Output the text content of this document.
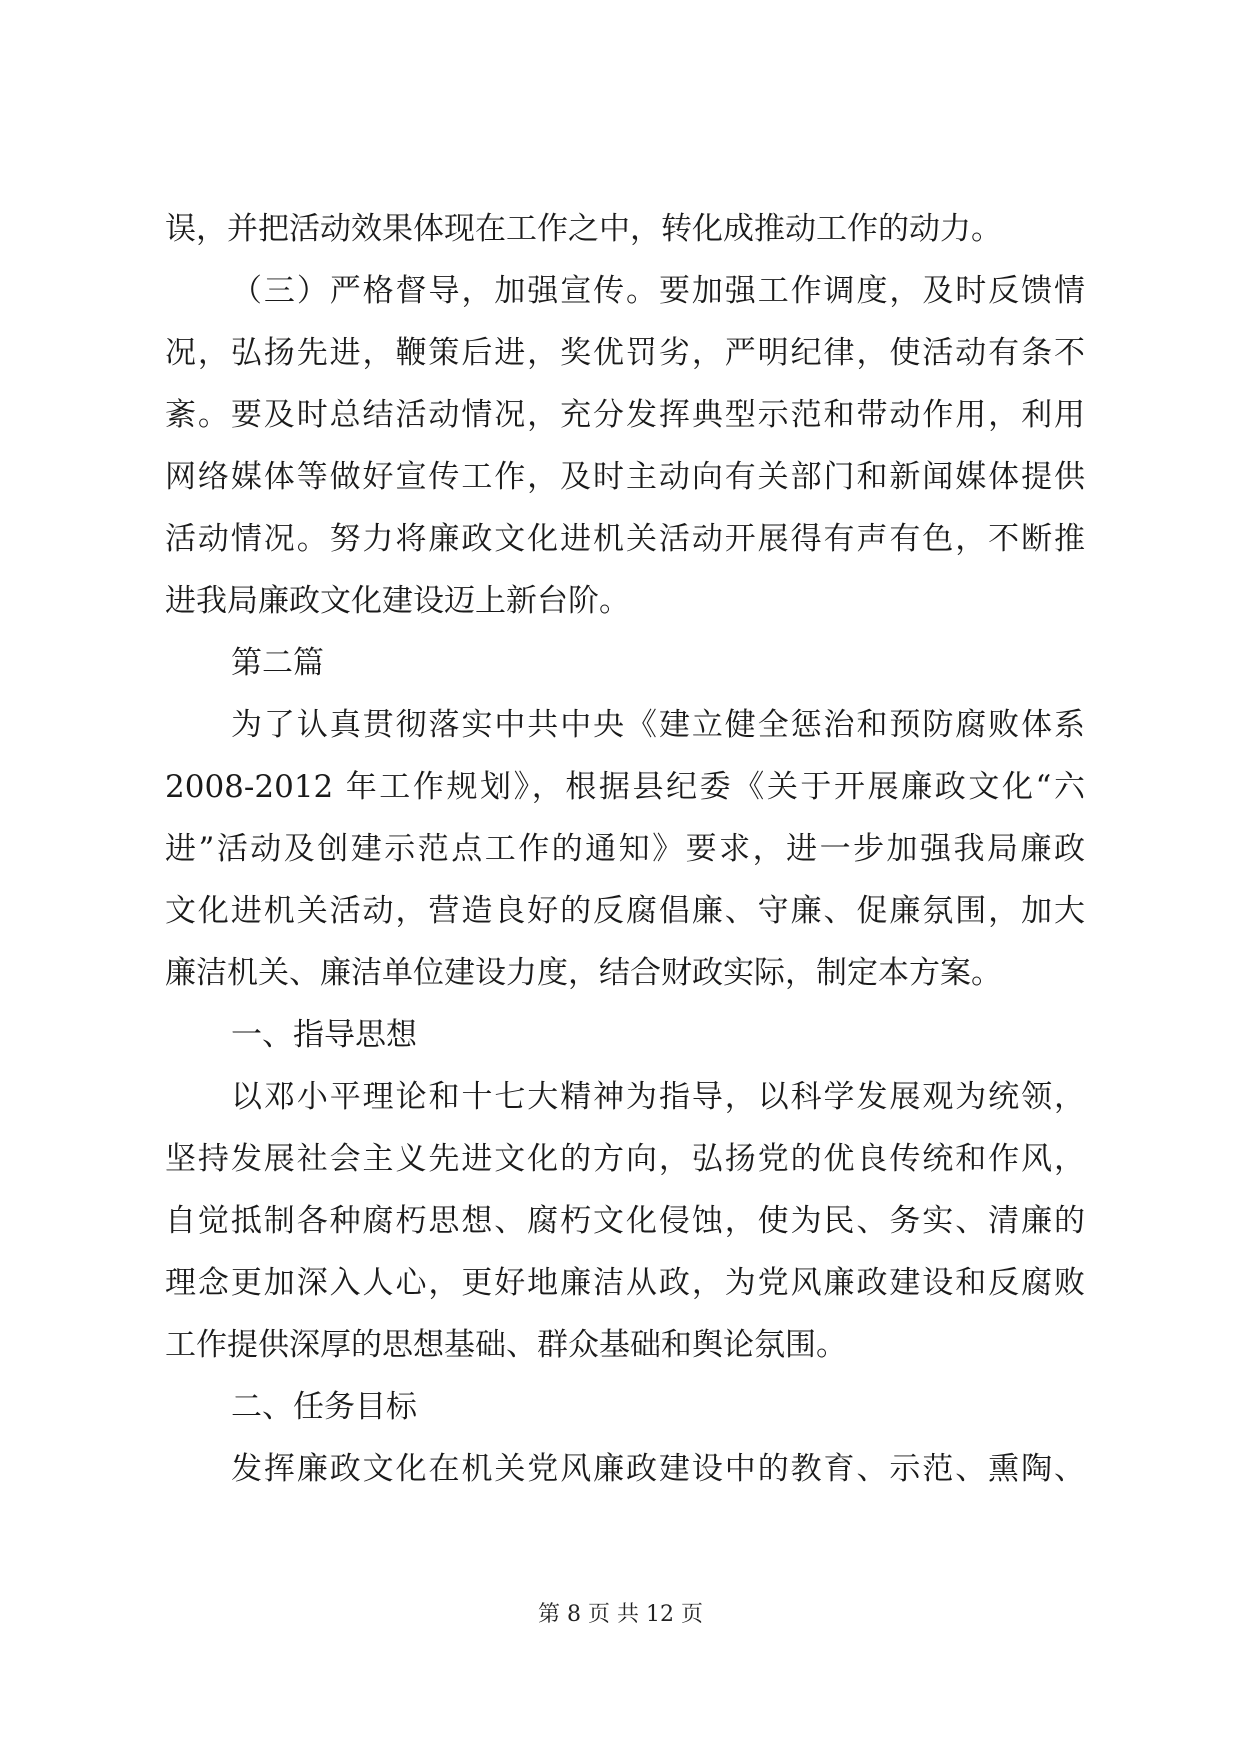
误，并把活动效果体现在工作之中，转化成推动工作的动力。
（三）严格督导，加强宣传。要加强工作调度，及时反馈情
况，弘扬先进，鞭策后进，奖优罚劣，严明纪律，使活动有条不
紊。要及时总结活动情况，充分发挥典型示范和带动作用，利用
网络媒体等做好宣传工作，及时主动向有关部门和新闻媒体提供
活动情况。努力将廉政文化进机关活动开展得有声有色，不断推
进我局廉政文化建设迈上新台阶。
第二篇
为了认真贯彻落实中共中央《建立健全惩治和预防腐败体系
2008-2012 年工作规划》，根据县纪委《关于开展廉政文化“六
进”活动及创建示范点工作的通知》要求，进一步加强我局廉政
文化进机关活动，营造良好的反腐倡廉、守廉、促廉氛围，加大
廉洁机关、廉洁单位建设力度，结合财政实际，制定本方案。
一、指导思想
以邓小平理论和十七大精神为指导，以科学发展观为统领，
坚持发展社会主义先进文化的方向，弘扬党的优良传统和作风，
自觉抵制各种腐朽思想、腐朽文化侵蚀，使为民、务实、清廉的
理念更加深入人心，更好地廉洁从政，为党风廉政建设和反腐败
工作提供深厚的思想基础、群众基础和舆论氛围。
二、任务目标
发挥廉政文化在机关党风廉政建设中的教育、示范、熏陶、
第 8 页 共 12 页
